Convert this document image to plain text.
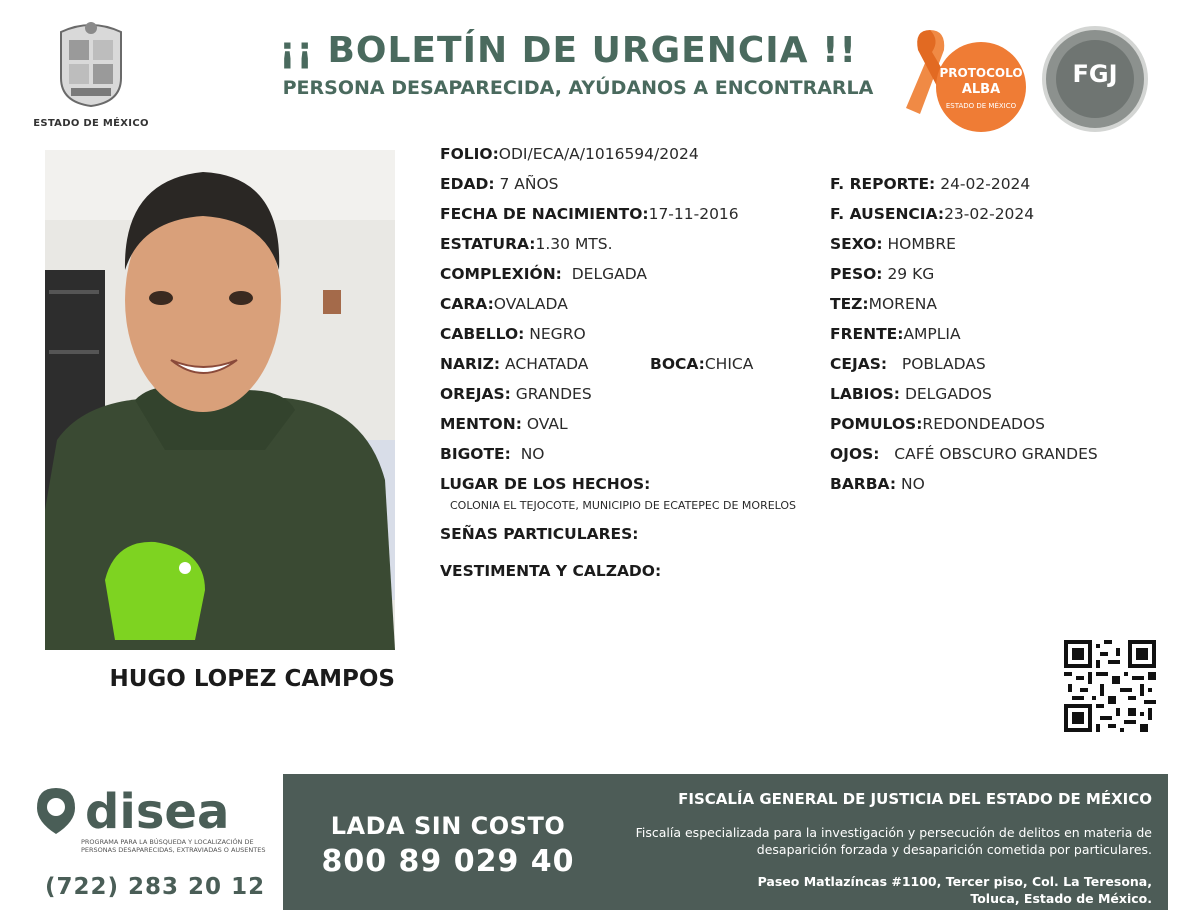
ESTADO DE MÉXICO
¡¡ BOLETÍN DE URGENCIA !!
PERSONA DESAPARECIDA, AYÚDANOS A ENCONTRARLA
PROTOCOLO
ALBA
ESTADO DE MÉXICO
FGJ
HUGO LOPEZ CAMPOS
FOLIO:ODI/ECA/A/1016594/2024
EDAD: 7 AÑOS
FECHA DE NACIMIENTO:17-11-2016
ESTATURA:1.30 MTS.
COMPLEXIÓN: DELGADA
CARA:OVALADA
CABELLO: NEGRO
NARIZ: ACHATADA	BOCA:CHICA
OREJAS: GRANDES
MENTON: OVAL
BIGOTE: NO
LUGAR DE LOS HECHOS:
COLONIA EL TEJOCOTE, MUNICIPIO DE ECATEPEC DE MORELOS
SEÑAS PARTICULARES:
VESTIMENTA Y CALZADO:
F. REPORTE: 24-02-2024
F. AUSENCIA:23-02-2024
SEXO: HOMBRE
PESO: 29 KG
TEZ:MORENA
FRENTE:AMPLIA
CEJAS: POBLADAS
LABIOS: DELGADOS
POMULOS:REDONDEADOS
OJOS: CAFÉ OBSCURO GRANDES
BARBA: NO
disea
PROGRAMA PARA LA BÚSQUEDA Y LOCALIZACIÓN DE PERSONAS DESAPARECIDAS, EXTRAVIADAS O AUSENTES
(722) 283 20 12
LADA SIN COSTO
800 89 029 40
FISCALÍA GENERAL DE JUSTICIA DEL ESTADO DE MÉXICO
Fiscalía especializada para la investigación y persecución de delitos en materia de desaparición forzada y desaparición cometida por particulares.
Paseo Matlazíncas #1100, Tercer piso, Col. La Teresona,
Toluca, Estado de México.
